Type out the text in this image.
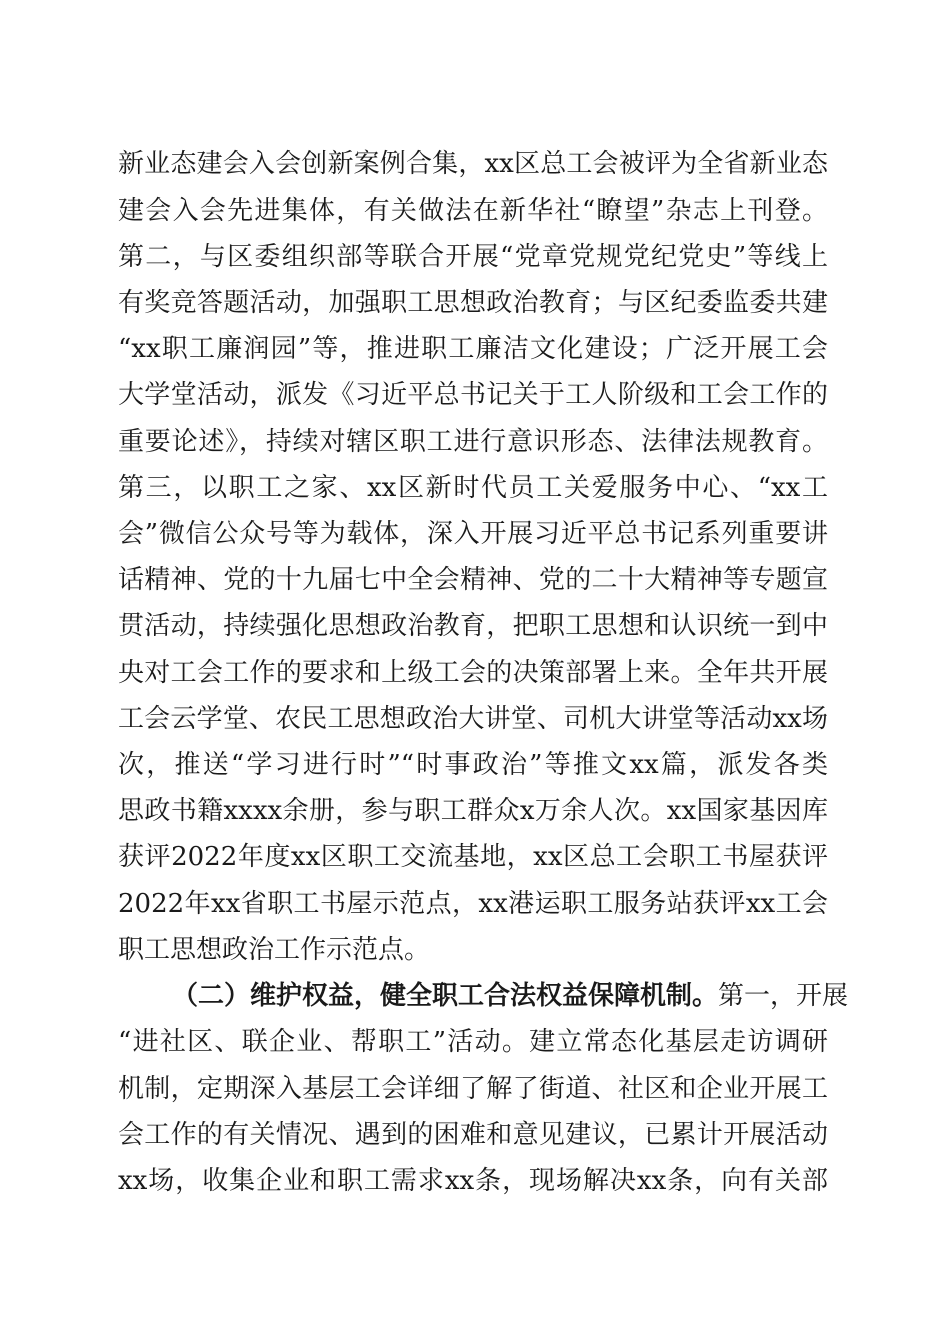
新业态建会入会创新案例合集，xx区总工会被评为全省新业态
建会入会先进集体，有关做法在新华社“瞭望”杂志上刊登。
第二，与区委组织部等联合开展“党章党规党纪党史”等线上
有奖竞答题活动，加强职工思想政治教育；与区纪委监委共建
“xx职工廉润园”等，推进职工廉洁文化建设；广泛开展工会
大学堂活动，派发《习近平总书记关于工人阶级和工会工作的
重要论述》，持续对辖区职工进行意识形态、法律法规教育。
第三，以职工之家、xx区新时代员工关爱服务中心、“xx工
会”微信公众号等为载体，深入开展习近平总书记系列重要讲
话精神、党的十九届七中全会精神、党的二十大精神等专题宣
贯活动，持续强化思想政治教育，把职工思想和认识统一到中
央对工会工作的要求和上级工会的决策部署上来。全年共开展
工会云学堂、农民工思想政治大讲堂、司机大讲堂等活动xx场
次，推送“学习进行时”“时事政治”等推文xx篇，派发各类
思政书籍xxxx余册，参与职工群众x万余人次。xx国家基因库
获评2022年度xx区职工交流基地，xx区总工会职工书屋获评
2022年xx省职工书屋示范点，xx港运职工服务站获评xx工会
职工思想政治工作示范点。
（二）维护权益，健全职工合法权益保障机制。第一，开展
“进社区、联企业、帮职工”活动。建立常态化基层走访调研
机制，定期深入基层工会详细了解了街道、社区和企业开展工
会工作的有关情况、遇到的困难和意见建议，已累计开展活动
xx场，收集企业和职工需求xx条，现场解决xx条，向有关部
